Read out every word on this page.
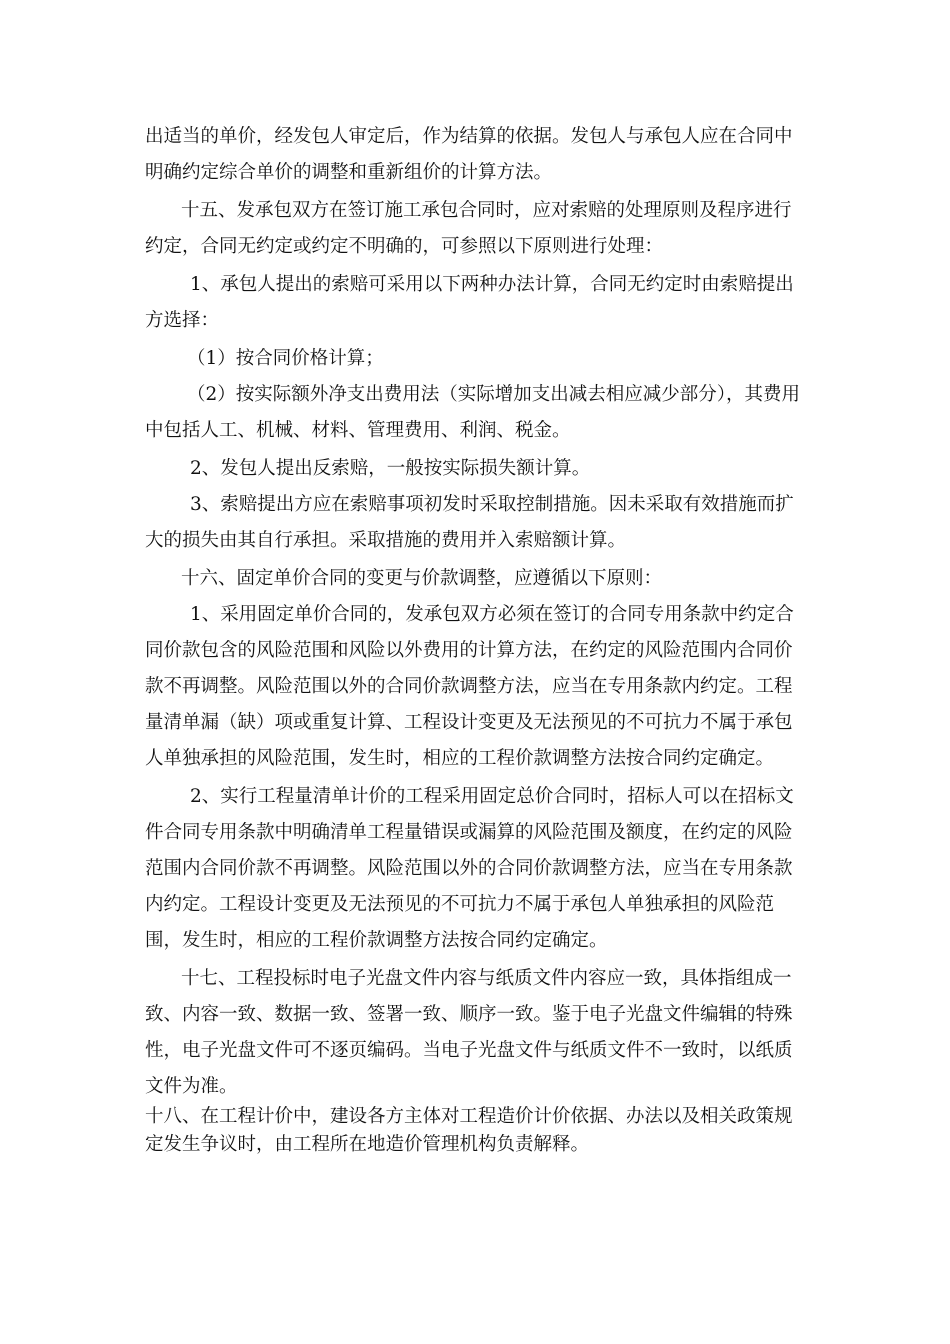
出适当的单价，经发包人审定后，作为结算的依据。发包人与承包人应在合同中
明确约定综合单价的调整和重新组价的计算方法。
十五、发承包双方在签订施工承包合同时，应对索赔的处理原则及程序进行
约定，合同无约定或约定不明确的，可参照以下原则进行处理：
1、承包人提出的索赔可采用以下两种办法计算，合同无约定时由索赔提出
方选择：
（1）按合同价格计算；
（2）按实际额外净支出费用法（实际增加支出减去相应减少部分），其费用
中包括人工、机械、材料、管理费用、利润、税金。
2、发包人提出反索赔，一般按实际损失额计算。
3、索赔提出方应在索赔事项初发时采取控制措施。因未采取有效措施而扩
大的损失由其自行承担。采取措施的费用并入索赔额计算。
十六、固定单价合同的变更与价款调整，应遵循以下原则：
1、采用固定单价合同的，发承包双方必须在签订的合同专用条款中约定合
同价款包含的风险范围和风险以外费用的计算方法，在约定的风险范围内合同价
款不再调整。风险范围以外的合同价款调整方法，应当在专用条款内约定。工程
量清单漏（缺）项或重复计算、工程设计变更及无法预见的不可抗力不属于承包
人单独承担的风险范围，发生时，相应的工程价款调整方法按合同约定确定。
2、实行工程量清单计价的工程采用固定总价合同时，招标人可以在招标文
件合同专用条款中明确清单工程量错误或漏算的风险范围及额度，在约定的风险
范围内合同价款不再调整。风险范围以外的合同价款调整方法，应当在专用条款
内约定。工程设计变更及无法预见的不可抗力不属于承包人单独承担的风险范
围，发生时，相应的工程价款调整方法按合同约定确定。
十七、工程投标时电子光盘文件内容与纸质文件内容应一致，具体指组成一
致、内容一致、数据一致、签署一致、顺序一致。鉴于电子光盘文件编辑的特殊
性，电子光盘文件可不逐页编码。当电子光盘文件与纸质文件不一致时，以纸质
文件为准。
十八、在工程计价中，建设各方主体对工程造价计价依据、办法以及相关政策规
定发生争议时，由工程所在地造价管理机构负责解释。
